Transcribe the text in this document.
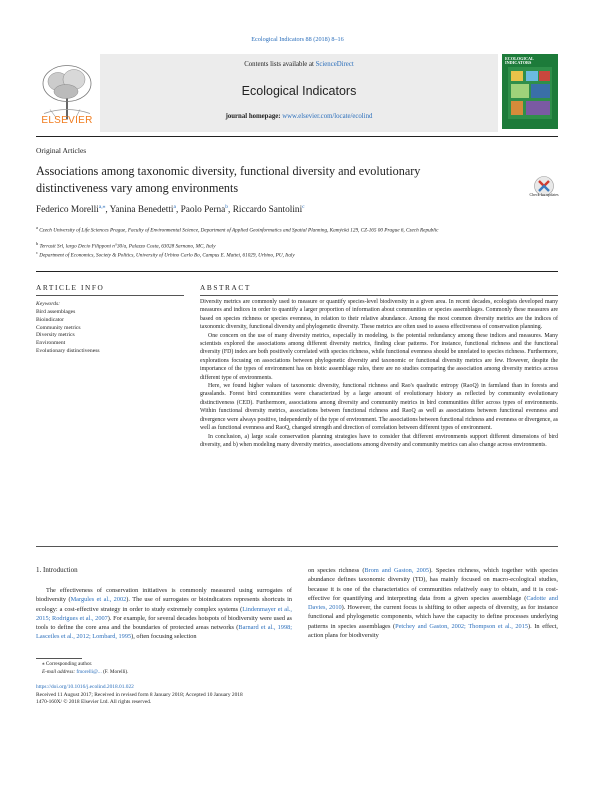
Ecological Indicators 88 (2018) 8–16
ELSEVIER
Contents lists available at ScienceDirect
Ecological Indicators
journal homepage: www.elsevier.com/locate/ecolind
ECOLOGICAL INDICATORS
Original Articles
Associations among taxonomic diversity, functional diversity and evolutionary distinctiveness vary among environments	Check for updates
Federico Morelli$^{a,⁎}$, Yanina Benedetti$^a$, Paolo Perna$^b$, Riccardo Santolini$^c$
$^a$ Czech University of Life Sciences Prague, Faculty of Environmental Science, Department of Applied Geoinformatics and Spatial Planning, Kamýcká 129, CZ-165 00 Prague 6, Czech Republic
$^b$ Terrasit Srl, largo Decio Filipponi n°30/a, Palazzo Costa, 63028 Sarnano, MC, Italy
$^c$ Department of Economics, Society & Politics, University of Urbino Carlo Bo, Campus E. Mattei, 61029, Urbino, PU, Italy
ARTICLE INFO	ABSTRACT
Keywords:
Bird assemblages
Bioindicator
Community metrics
Diversity metrics
Environment
Evolutionary distinctiveness

Diversity metrics are commonly used to measure or quantify species-level biodiversity in a given area. In recent decades, ecologists developed many measures and indices in order to quantify a larger proportion of information about communities or species assemblages. Commonly these measures are based on species richness or species evenness, in relation to their relative abundance. Among the most common diversity metrics are the indices of taxonomic diversity, functional diversity and phylogenetic diversity. These metrics are often used to assess effectiveness of conservation planning.

One concern on the use of many diversity metrics, especially in modeling, is the potential redundancy among these indices and measures. Many scientists explored the associations among different diversity metrics, finding clear patterns. For instance, functional richness and the functional diversity (FD) index are both positively correlated with species richness, while functional evenness should be unrelated to species richness. Furthermore, explorations focusing on associations between phylogenetic diversity and taxonomic or functional diversity metrics are few. However, despite the importance of the types of environment has on biotic assemblage rules, there are no studies comparing the association among diversity metrics across different type of environments.

Here, we found higher values of taxonomic diversity, functional richness and Rao's quadratic entropy (RaoQ) in farmland than in forests and grasslands. Forest bird communities were characterized by a large amount of evolutionary history as reflected by community evolutionary distinctiveness (CED). Furthermore, associations among diversity and community metrics in bird communities differ across types of environments. Within functional diversity metrics, associations between functional richness and RaoQ as well as associations between functional evenness and divergence were always positive, independently of the type of environment. The associations between functional richness and evenness or divergence, as well as functional evenness and RaoQ, changed strength and direction of correlation between different types of environment.

In conclusion, a) large scale conservation planning strategies have to consider that different environments support different dimensions of bird diversity, and b) when modeling many diversity metrics, associations among diversity and community metrics can also change across environments.

1. Introduction

The effectiveness of conservation initiatives is commonly measured using surrogates of biodiversity (Margules et al., 2002). The use of surrogates or bioindicators represents shortcuts in ecology: a cost-effective strategy in order to study extremely complex systems (Lindenmayer et al., 2015; Rodrigues et al., 2007). For example, for several decades hotspots of biodiversity were used as tools to define the core area and the boundaries of protected areas networks (Barnard et al., 1998; Lasceiles et al., 2012; Lombard, 1995), often focusing selection

on species richness (Brom and Gaston, 2005). Species richness, which together with species abundance defines taxonomic diversity (TD), has mainly focused on macro-ecological studies, because it is one of the characteristics of communities relatively easy to obtain, and it is cost-effective for quantifying and interpreting data from a given species assemblage (Cadotte and Davies, 2010). However, the current focus is shifting to other aspects of diversity, as for instance functional and phylogenetic components, which have the capacity to define processes underlying patterns in species assemblages (Petchey and Gaston, 2002; Thompson et al., 2015). In effect, action plans for biodiversity

⁎ Corresponding author.
E-mail address: fmorelli@... (F. Morelli).
https://doi.org/10.1016/j.ecolind.2018.01.022
Received 11 August 2017; Received in revised form 8 January 2018; Accepted 10 January 2018
1470-160X/ © 2018 Elsevier Ltd. All rights reserved.
